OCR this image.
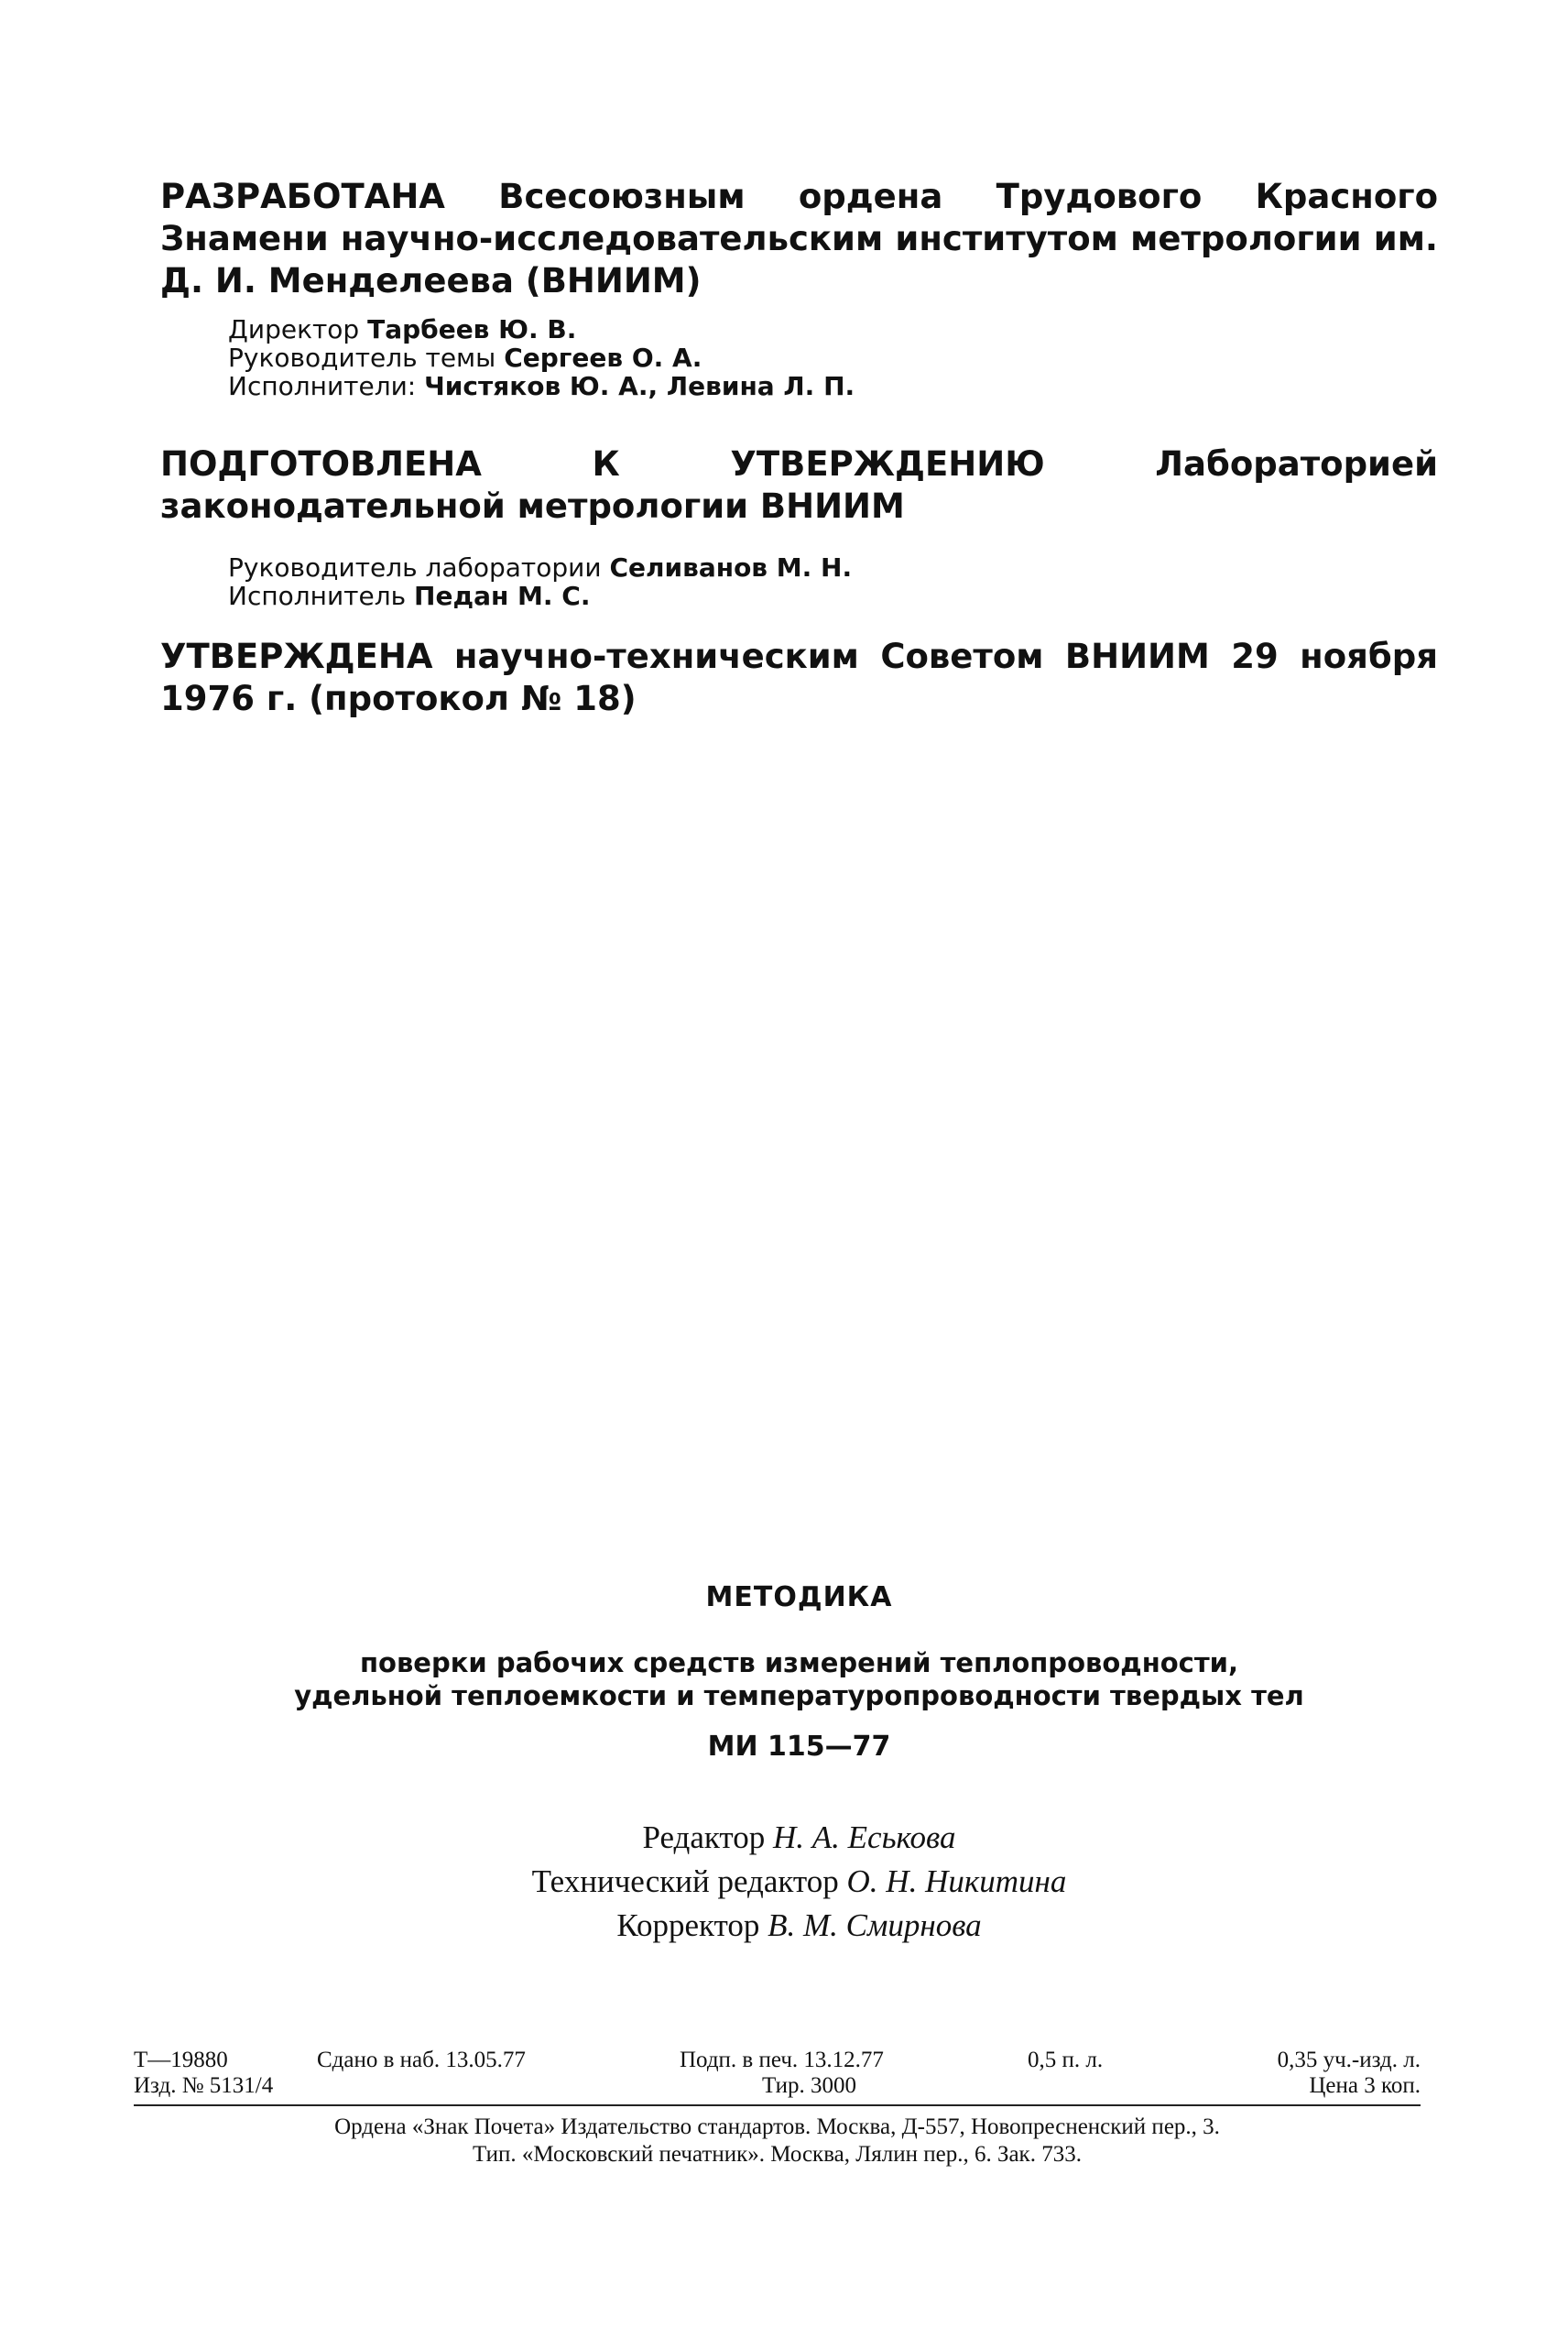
РАЗРАБОТАНА Всесоюзным ордена Трудового Красного Знамени научно-исследовательским институтом метрологии им. Д. И. Менделеева (ВНИИМ)

Директор Тарбеев Ю. В.
Руководитель темы Сергеев О. А.
Исполнители: Чистяков Ю. А., Левина Л. П.

ПОДГОТОВЛЕНА К УТВЕРЖДЕНИЮ	Лабораторией законодательной метрологии ВНИИМ

Руководитель лаборатории Селиванов М. Н.
Исполнитель Педан М. С.

УТВЕРЖДЕНА научно-техническим Советом ВНИИМ 29 ноября 1976 г. (протокол № 18)

МЕТОДИКА
поверки рабочих средств измерений теплопроводности,
удельной теплоемкости и температуропроводности твердых тел
МИ 115—77
Редактор Н. А. Еськова
Технический редактор О. Н. Никитина
Корректор В. М. Смирнова
Т—19880	Сдано в наб. 13.05.77	Подп. в печ. 13.12.77	0,5 п. л.	0,35 уч.-изд. л.
Изд. № 5131/4	Тир. 3000	Цена 3 коп.
Ордена «Знак Почета» Издательство стандартов. Москва, Д-557, Новопресненский пер., 3.
Тип. «Московский печатник». Москва, Лялин пер., 6. Зак. 733.
